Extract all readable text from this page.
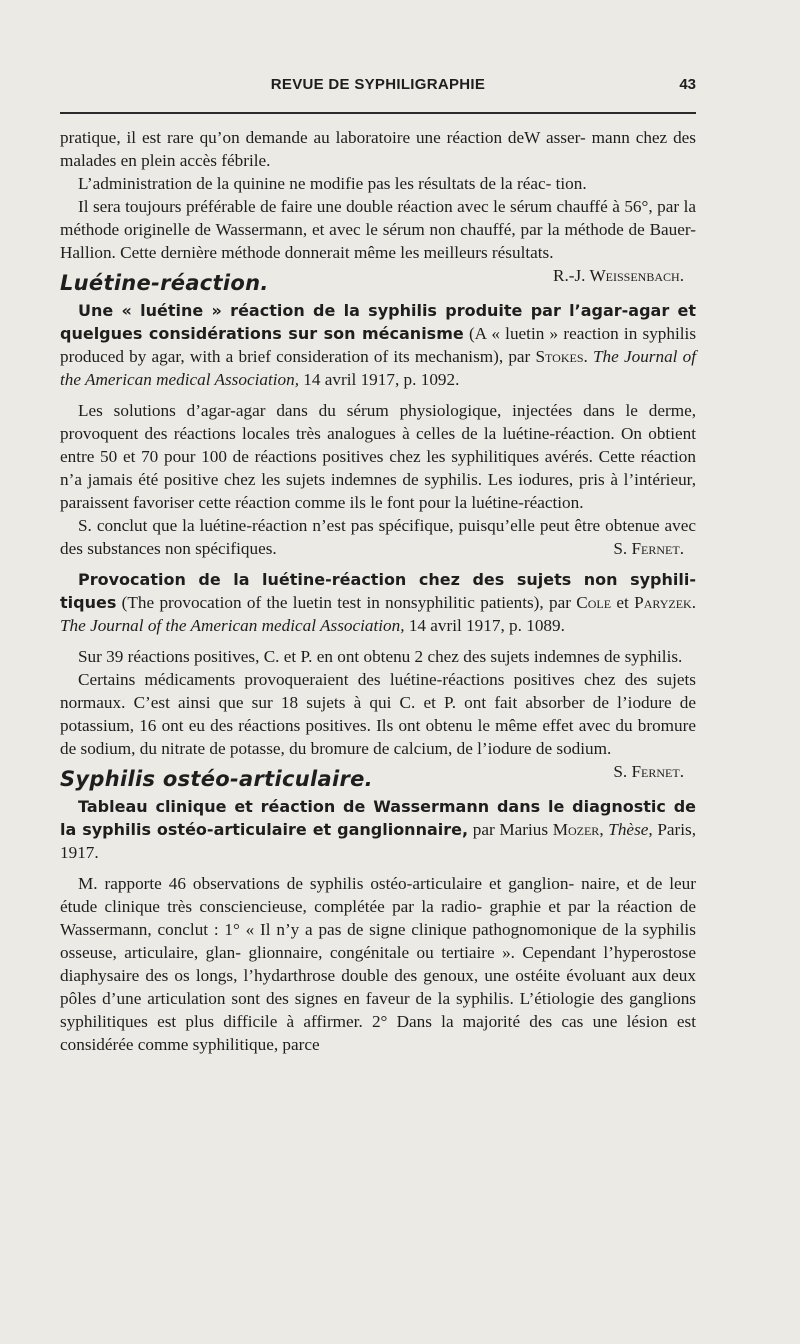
REVUE DE SYPHILIGRAPHIE	43

pratique, il est rare qu’on demande au laboratoire une réaction deW asser- mann chez des malades en plein accès fébrile.

L’administration de la quinine ne modifie pas les résultats de la réac- tion.

Il sera toujours préférable de faire une double réaction avec le sérum chauffé à 56°, par la méthode originelle de Wassermann, et avec le sérum non chauffé, par la méthode de Bauer-Hallion. Cette dernière méthode donnerait même les meilleurs résultats.
R.-J. Weissenbach.

Luétine-réaction.

Une « luétine » réaction de la syphilis produite par l’agar-agar et quelgues considérations sur son mécanisme (A « luetin » reaction in syphilis produced by agar, with a brief consideration of its mechanism), par Stokes. The Journal of the American medical Association, 14 avril 1917, p. 1092.

Les solutions d’agar-agar dans du sérum physiologique, injectées dans le derme, provoquent des réactions locales très analogues à celles de la luétine-réaction. On obtient entre 50 et 70 pour 100 de réactions positives chez les syphilitiques avérés. Cette réaction n’a jamais été positive chez les sujets indemnes de syphilis. Les iodures, pris à l’intérieur, paraissent favoriser cette réaction comme ils le font pour la luétine-réaction.

S. conclut que la luétine-réaction n’est pas spécifique, puisqu’elle peut être obtenue avec des substances non spécifiques.	S. Fernet.

Provocation de la luétine-réaction chez des sujets non syphili- tiques (The provocation of the luetin test in nonsyphilitic patients), par Cole et Paryzek. The Journal of the American medical Association, 14 avril 1917, p. 1089.

Sur 39 réactions positives, C. et P. en ont obtenu 2 chez des sujets indemnes de syphilis.

Certains médicaments provoqueraient des luétine-réactions positives chez des sujets normaux. C’est ainsi que sur 18 sujets à qui C. et P. ont fait absorber de l’iodure de potassium, 16 ont eu des réactions positives. Ils ont obtenu le même effet avec du bromure de sodium, du nitrate de potasse, du bromure de calcium, de l’iodure de sodium.
S. Fernet.

Syphilis ostéo-articulaire.

Tableau clinique et réaction de Wassermann dans le diagnostic de la syphilis ostéo-articulaire et ganglionnaire, par Marius Mozer, Thèse, Paris, 1917.

M. rapporte 46 observations de syphilis ostéo-articulaire et ganglion- naire, et de leur étude clinique très consciencieuse, complétée par la radio- graphie et par la réaction de Wassermann, conclut : 1° « Il n’y a pas de signe clinique pathognomonique de la syphilis osseuse, articulaire, glan- glionnaire, congénitale ou tertiaire ». Cependant l’hyperostose diaphysaire des os longs, l’hydarthrose double des genoux, une ostéite évoluant aux deux pôles d’une articulation sont des signes en faveur de la syphilis. L’étiologie des ganglions syphilitiques est plus difficile à affirmer. 2° Dans la majorité des cas une lésion est considérée comme syphilitique, parce
